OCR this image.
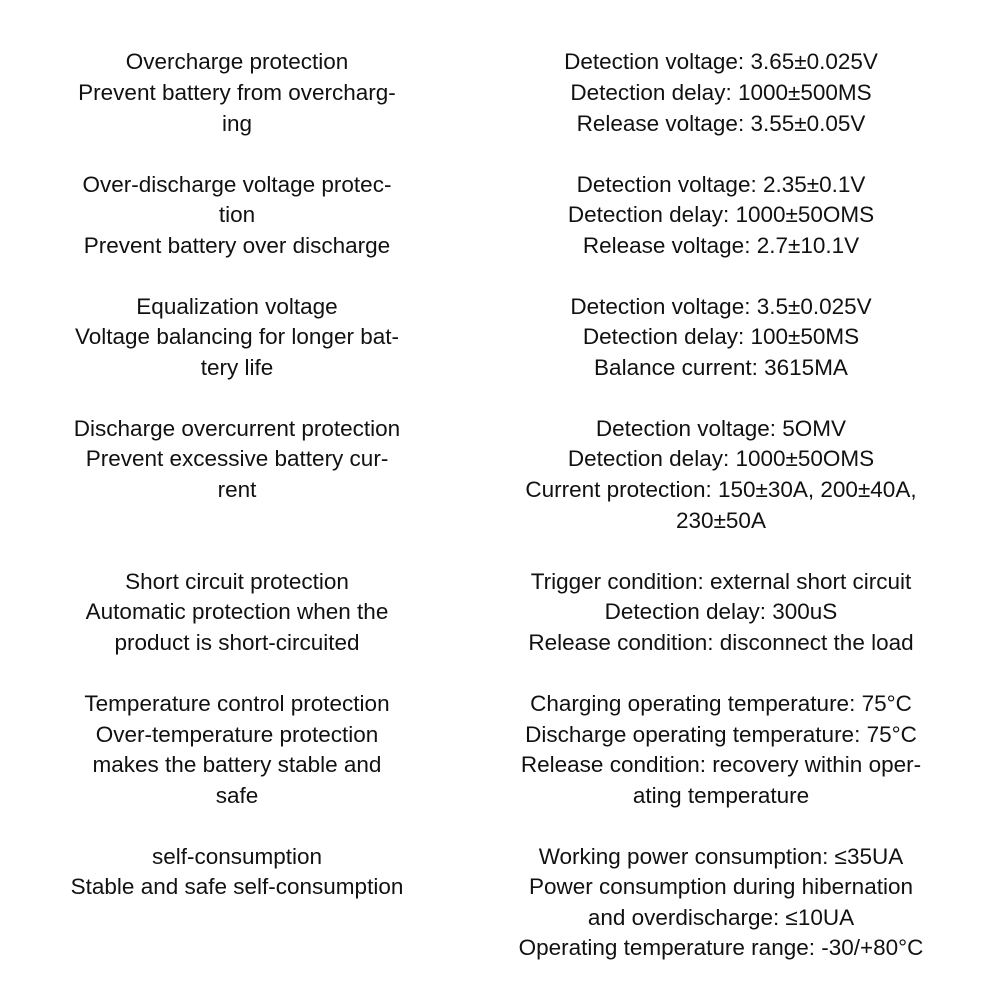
Overcharge protection
Prevent battery from overcharg-
ing
Over-discharge voltage protec-
tion
Prevent battery over discharge
Equalization voltage
Voltage balancing for longer bat-
tery life
Discharge overcurrent protection
Prevent excessive battery cur-
rent
Short circuit protection
Automatic protection when the
product is short-circuited
Temperature control protection
Over-temperature protection
makes the battery stable and
safe
self-consumption
Stable and safe self-consumption
Detection voltage: 3.65±0.025V
Detection delay: 1000±500MS
Release voltage: 3.55±0.05V
Detection voltage: 2.35±0.1V
Detection delay: 1000±50OMS
Release voltage: 2.7±10.1V
Detection voltage: 3.5±0.025V
Detection delay: 100±50MS
Balance current: 3615MA
Detection voltage: 5OMV
Detection delay: 1000±50OMS
Current protection: 150±30A, 200±40A,
230±50A
Trigger condition: external short circuit
Detection delay: 300uS
Release condition: disconnect the load
Charging operating temperature: 75°C
Discharge operating temperature: 75°C
Release condition: recovery within oper-
ating temperature
Working power consumption: ≤35UA
Power consumption during hibernation
and overdischarge: ≤10UA
Operating temperature range: -30/+80°C
